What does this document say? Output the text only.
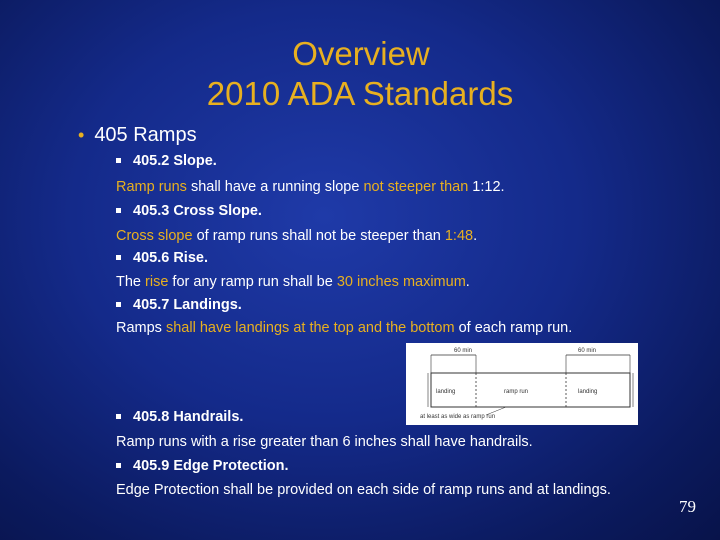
Overview
2010 ADA Standards
• 405 Ramps
405.2 Slope.
Ramp runs shall have a running slope not steeper than 1:12.
405.3 Cross Slope.
Cross slope of ramp runs shall not be steeper than 1:48.
405.6 Rise.
The rise for any ramp run shall be 30 inches maximum.
405.7 Landings.
Ramps shall have landings at the top and the bottom of each ramp run.
405.8 Handrails.
Ramp runs with a rise greater than 6 inches shall have handrails.
405.9 Edge Protection.
Edge Protection shall be provided on each side of ramp runs and at landings.
60 min	60 min
landing	ramp run	landing
at least as wide as ramp run
79
